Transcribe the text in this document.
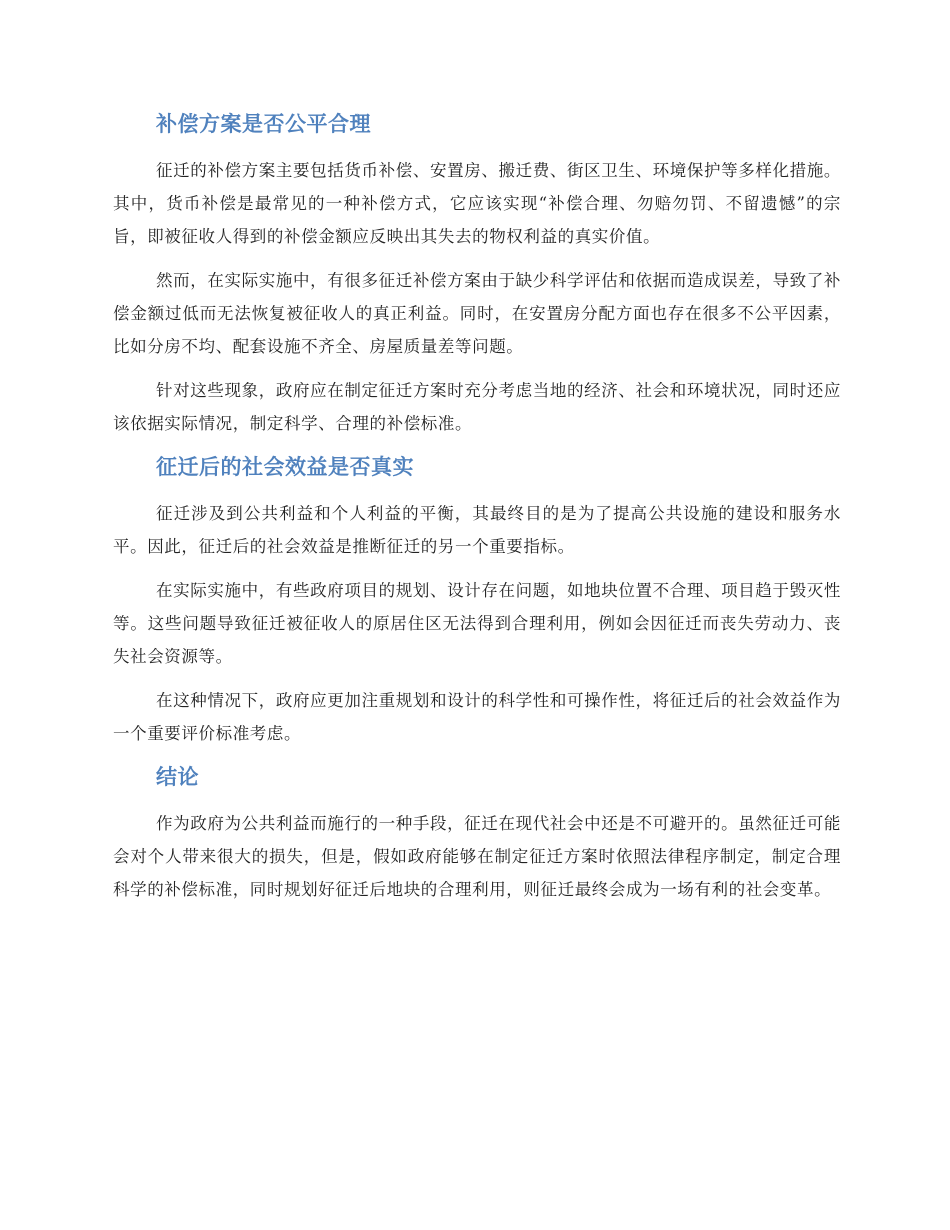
补偿方案是否公平合理

征迁的补偿方案主要包括货币补偿、安置房、搬迁费、街区卫生、环境保护等多样化措施。其中，货币补偿是最常见的一种补偿方式，它应该实现“补偿合理、勿赔勿罚、不留遗憾”的宗旨，即被征收人得到的补偿金额应反映出其失去的物权利益的真实价值。

然而，在实际实施中，有很多征迁补偿方案由于缺少科学评估和依据而造成误差，导致了补偿金额过低而无法恢复被征收人的真正利益。同时，在安置房分配方面也存在很多不公平因素，比如分房不均、配套设施不齐全、房屋质量差等问题。

针对这些现象，政府应在制定征迁方案时充分考虑当地的经济、社会和环境状况，同时还应该依据实际情况，制定科学、合理的补偿标准。

征迁后的社会效益是否真实

征迁涉及到公共利益和个人利益的平衡，其最终目的是为了提高公共设施的建设和服务水平。因此，征迁后的社会效益是推断征迁的另一个重要指标。

在实际实施中，有些政府项目的规划、设计存在问题，如地块位置不合理、项目趋于毁灭性等。这些问题导致征迁被征收人的原居住区无法得到合理利用，例如会因征迁而丧失劳动力、丧失社会资源等。

在这种情况下，政府应更加注重规划和设计的科学性和可操作性，将征迁后的社会效益作为一个重要评价标准考虑。

结论

作为政府为公共利益而施行的一种手段，征迁在现代社会中还是不可避开的。虽然征迁可能会对个人带来很大的损失，但是，假如政府能够在制定征迁方案时依照法律程序制定，制定合理科学的补偿标准，同时规划好征迁后地块的合理利用，则征迁最终会成为一场有利的社会变革。
